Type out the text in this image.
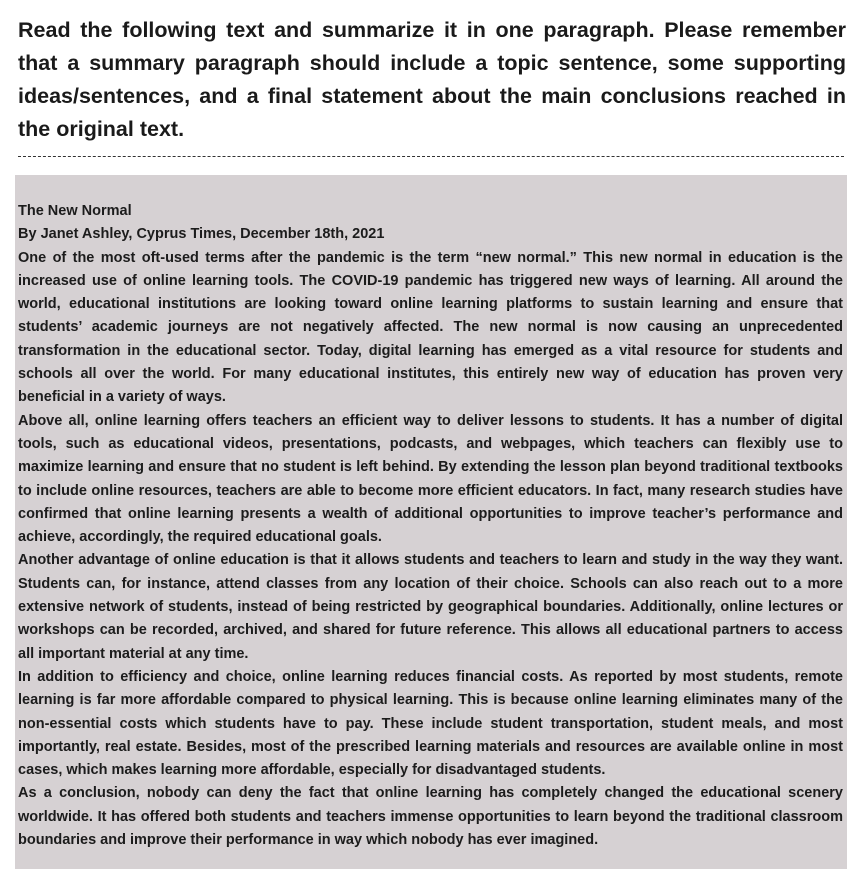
Read the following text and summarize it in one paragraph. Please remember that a summary paragraph should include a topic sentence, some supporting ideas/sentences, and a final statement about the main conclusions reached in the original text.

The New Normal

By Janet Ashley, Cyprus Times, December 18th, 2021

One of the most oft-used terms after the pandemic is the term “new normal.” This new normal in education is the increased use of online learning tools. The COVID-19 pandemic has triggered new ways of learning. All around the world, educational institutions are looking toward online learning platforms to sustain learning and ensure that students’ academic journeys are not negatively affected. The new normal is now causing an unprecedented transformation in the educational sector. Today, digital learning has emerged as a vital resource for students and schools all over the world. For many educational institutes, this entirely new way of education has proven very beneficial in a variety of ways.

Above all, online learning offers teachers an efficient way to deliver lessons to students. It has a number of digital tools, such as educational videos, presentations, podcasts, and webpages, which teachers can flexibly use to maximize learning and ensure that no student is left behind. By extending the lesson plan beyond traditional textbooks to include online resources, teachers are able to become more efficient educators. In fact, many research studies have confirmed that online learning presents a wealth of additional opportunities to improve teacher’s performance and achieve, accordingly, the required educational goals.

Another advantage of online education is that it allows students and teachers to learn and study in the way they want. Students can, for instance, attend classes from any location of their choice. Schools can also reach out to a more extensive network of students, instead of being restricted by geographical boundaries. Additionally, online lectures or workshops can be recorded, archived, and shared for future reference. This allows all educational partners to access all important material at any time.

In addition to efficiency and choice, online learning reduces financial costs. As reported by most students, remote learning is far more affordable compared to physical learning. This is because online learning eliminates many of the non-essential costs which students have to pay. These include student transportation, student meals, and most importantly, real estate. Besides, most of the prescribed learning materials and resources are available online in most cases, which makes learning more affordable, especially for disadvantaged students.

As a conclusion, nobody can deny the fact that online learning has completely changed the educational scenery worldwide. It has offered both students and teachers immense opportunities to learn beyond the traditional classroom boundaries and improve their performance in way which nobody has ever imagined.
